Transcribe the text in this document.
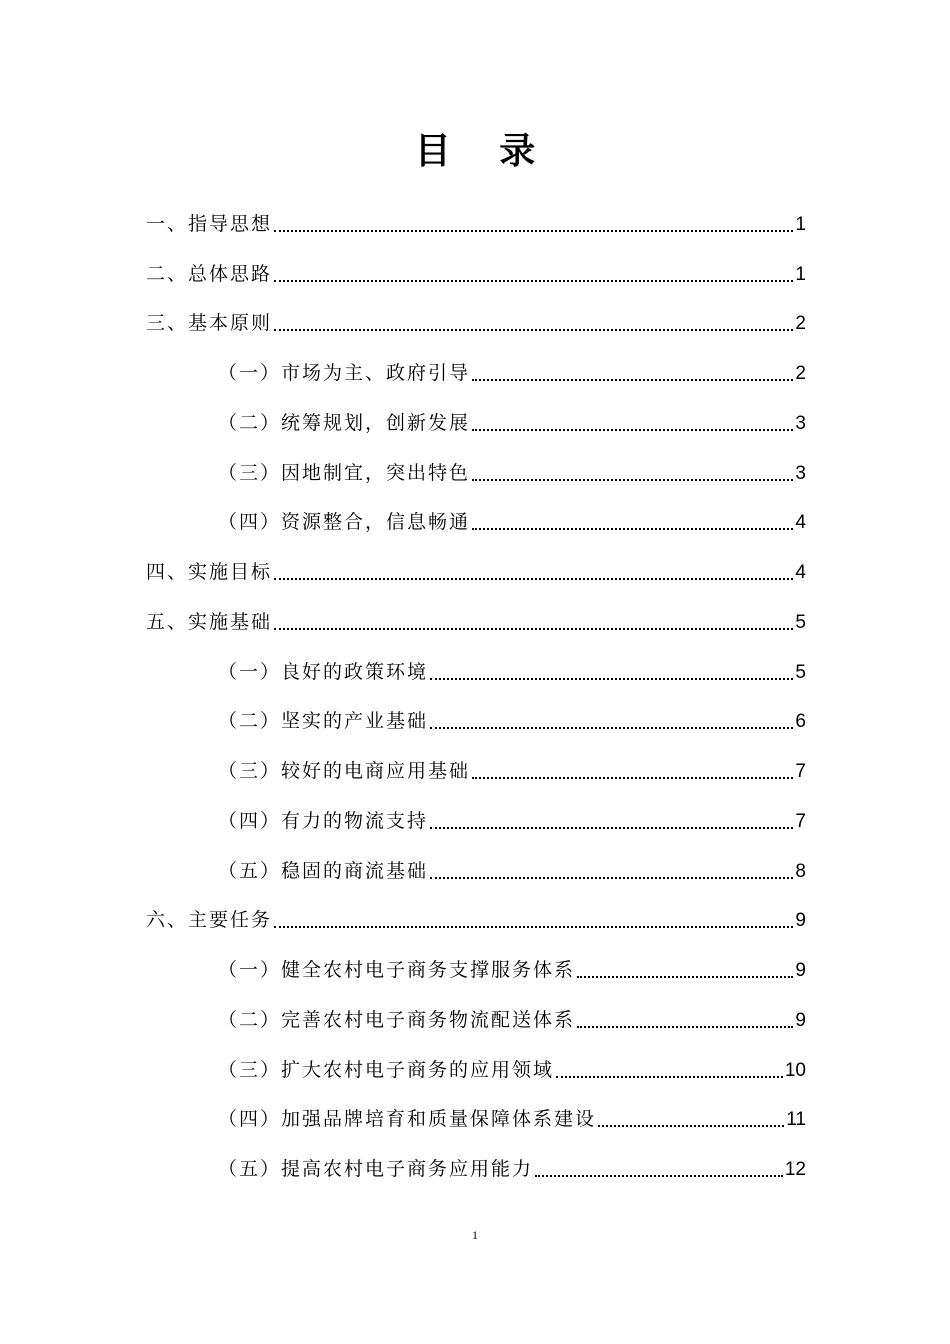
目 录
一、指导思想	1
二、总体思路	1
三、基本原则	2
（一）市场为主、政府引导	2
（二）统筹规划，创新发展	3
（三）因地制宜，突出特色	3
（四）资源整合，信息畅通	4
四、实施目标	4
五、实施基础	5
（一）良好的政策环境	5
（二）坚实的产业基础	6
（三）较好的电商应用基础	7
（四）有力的物流支持	7
（五）稳固的商流基础	8
六、主要任务	9
（一）健全农村电子商务支撑服务体系	9
（二）完善农村电子商务物流配送体系	9
（三）扩大农村电子商务的应用领域	10
（四）加强品牌培育和质量保障体系建设	11
（五）提高农村电子商务应用能力	12
1
